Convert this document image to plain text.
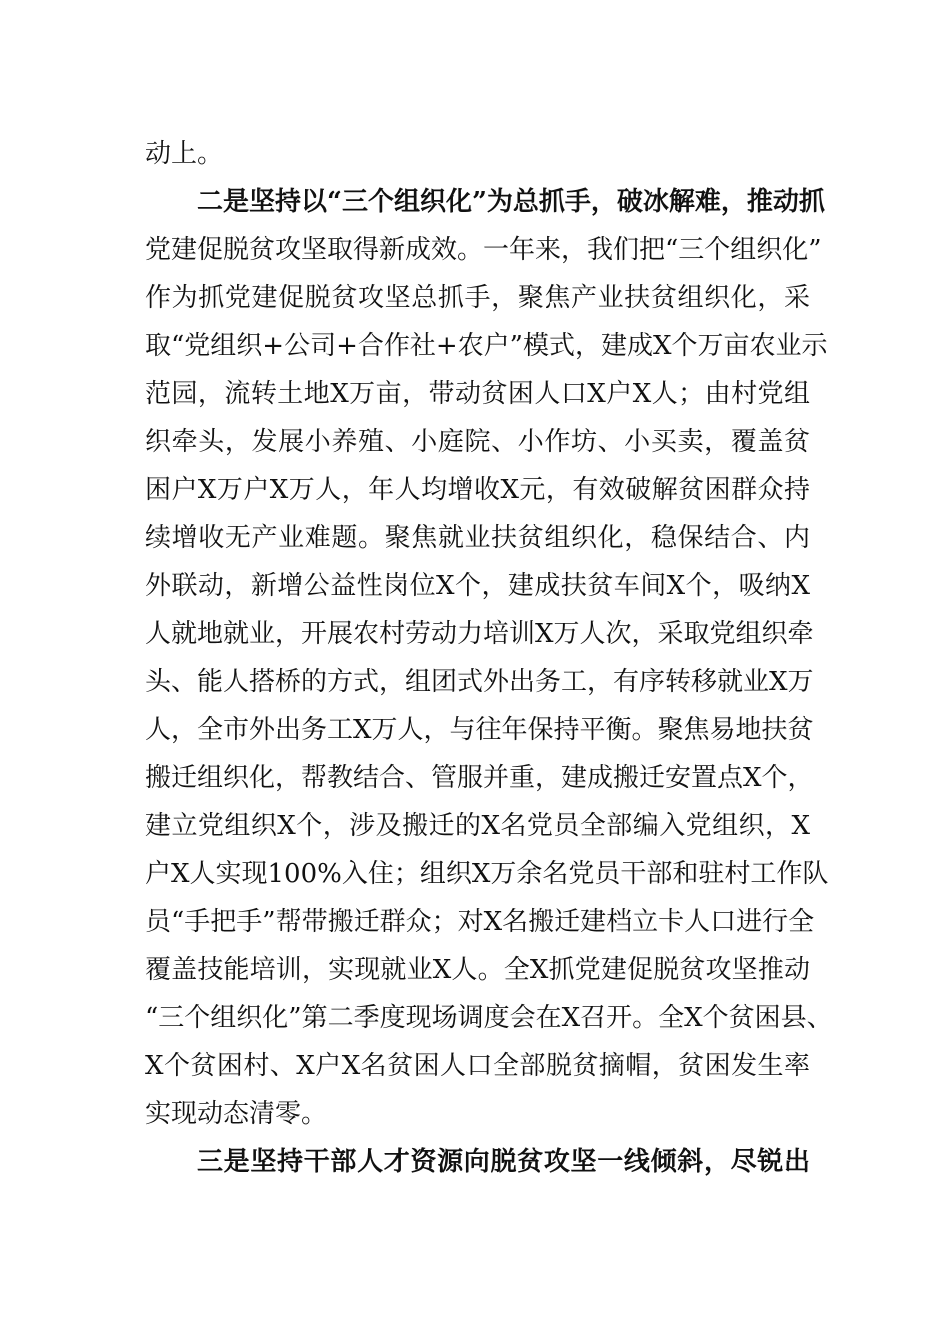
动上。
二是坚持以“三个组织化”为总抓手，破冰解难，推动抓
党建促脱贫攻坚取得新成效。一年来，我们把“三个组织化”
作为抓党建促脱贫攻坚总抓手，聚焦产业扶贫组织化，采
取“党组织+公司+合作社+农户”模式，建成X个万亩农业示
范园，流转土地X万亩，带动贫困人口X户X人；由村党组
织牵头，发展小养殖、小庭院、小作坊、小买卖，覆盖贫
困户X万户X万人，年人均增收X元，有效破解贫困群众持
续增收无产业难题。聚焦就业扶贫组织化，稳保结合、内
外联动，新增公益性岗位X个，建成扶贫车间X个，吸纳X
人就地就业，开展农村劳动力培训X万人次，采取党组织牵
头、能人搭桥的方式，组团式外出务工，有序转移就业X万
人，全市外出务工X万人，与往年保持平衡。聚焦易地扶贫
搬迁组织化，帮教结合、管服并重，建成搬迁安置点X个，
建立党组织X个，涉及搬迁的X名党员全部编入党组织，X
户X人实现100%入住；组织X万余名党员干部和驻村工作队
员“手把手”帮带搬迁群众；对X名搬迁建档立卡人口进行全
覆盖技能培训，实现就业X人。全X抓党建促脱贫攻坚推动
“三个组织化”第二季度现场调度会在X召开。全X个贫困县、
X个贫困村、X户X名贫困人口全部脱贫摘帽，贫困发生率
实现动态清零。
三是坚持干部人才资源向脱贫攻坚一线倾斜，尽锐出
